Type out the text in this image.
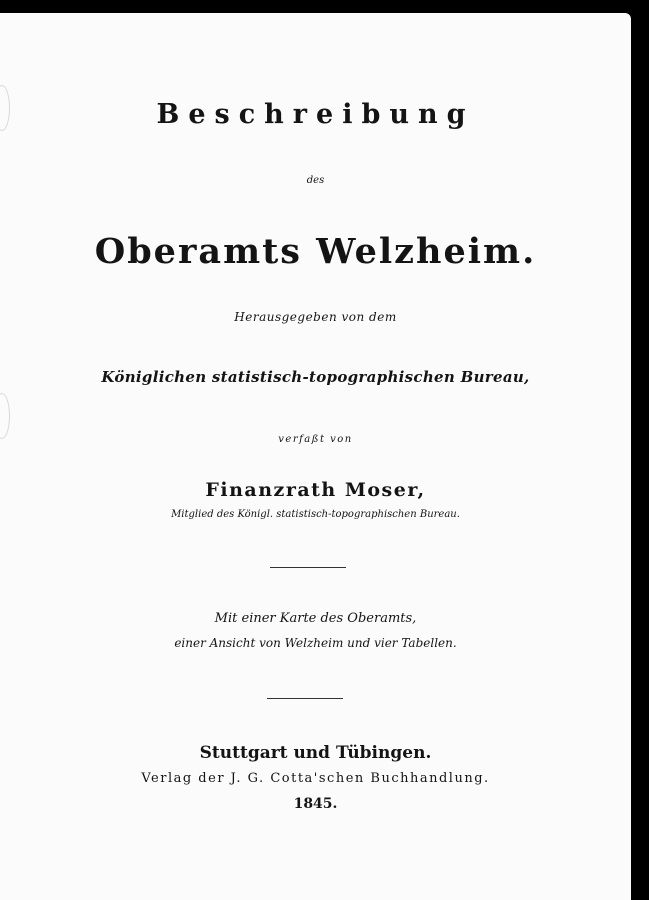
Beschreibung

des

Oberamts Welzheim.

Herausgegeben von dem

Königlichen statistisch-topographischen Bureau,

verfaßt von

Finanzrath Moser,

Mitglied des Königl. statistisch-topographischen Bureau.

Mit einer Karte des Oberamts,

einer Ansicht von Welzheim und vier Tabellen.

Stuttgart und Tübingen.

Verlag der J. G. Cotta'schen Buchhandlung.

1845.
